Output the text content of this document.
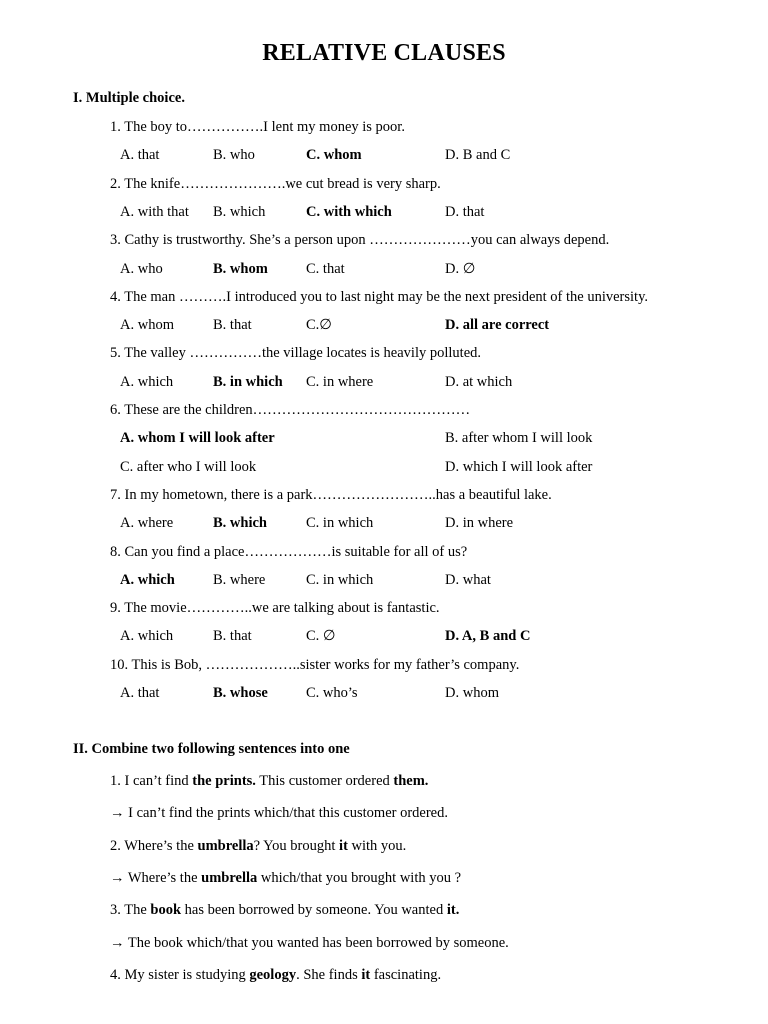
RELATIVE CLAUSES
I. Multiple choice.
1. The boy to…………….I lent my money is poor.
A. that	B. who	C. whom	D. B and C
2. The knife………………….we cut bread is very sharp.
A. with that B. which	C. with which	D. that
3. Cathy is trustworthy. She’s a person upon …………………you can always depend.
A. who	B. whom	C. that	D. ∅
4. The man ……….I introduced you to last night may be the next president of the university.
A. whom	B. that	C.∅	D. all are correct
5. The valley ……………the village locates is heavily polluted.
A. which	B. in which C. in where	D. at which
6. These are the children………………………………………
A. whom I will look after	B. after whom I will look
C. after who I will look	D. which I will look after
7. In my hometown, there is a park……………………..has a beautiful lake.
A. where	B. which	C. in which	D. in where
8. Can you find a place………………is suitable for all of us?
A. which	B. where	C. in which	D. what
9. The movie…………..we are talking about is fantastic.
A. which	B. that	C. ∅	D. A, B and C
10. This is Bob, ………………..sister works for my father’s company.
A. that	B. whose	C. who’s	D. whom
II. Combine two following sentences into one
1. I can’t find the prints. This customer ordered them.
→ I can’t find the prints which/that this customer ordered.
2. Where’s the umbrella? You brought it with you.
→ Where’s the umbrella which/that you brought with you ?
3. The book has been borrowed by someone. You wanted it.
→ The book which/that you wanted has been borrowed by someone.
4. My sister is studying geology. She finds it fascinating.
